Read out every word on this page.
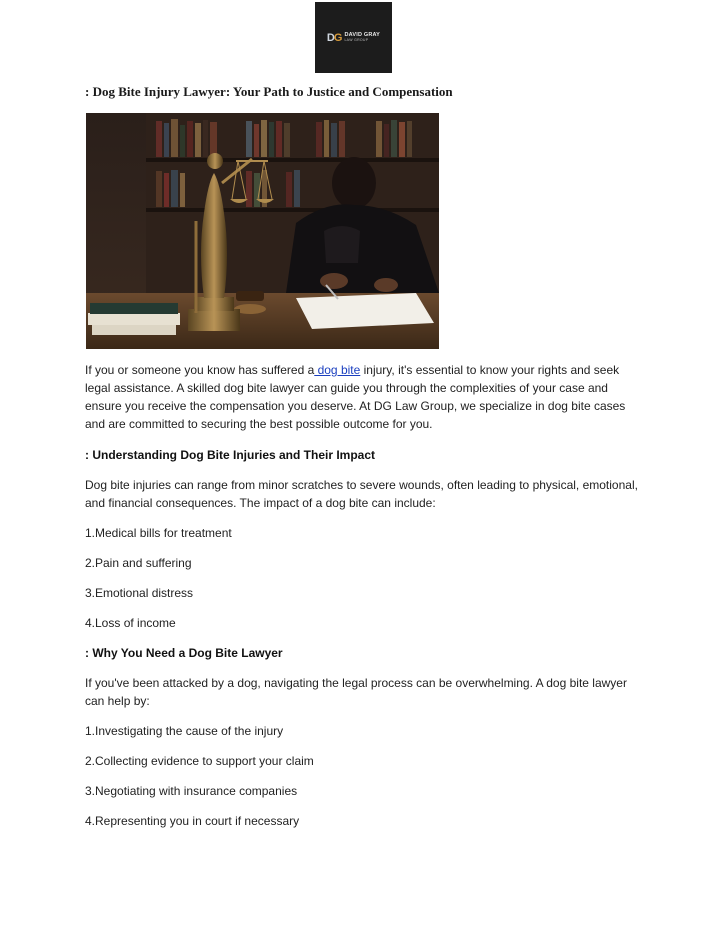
DG DAVID GRAY
LAW GROUP
: Dog Bite Injury Lawyer: Your Path to Justice and Compensation

If you or someone you know has suffered a dog bite injury, it's essential to know your rights and seek legal assistance. A skilled dog bite lawyer can guide you through the complexities of your case and ensure you receive the compensation you deserve. At DG Law Group, we specialize in dog bite cases and are committed to securing the best possible outcome for you.

: Understanding Dog Bite Injuries and Their Impact
Dog bite injuries can range from minor scratches to severe wounds, often leading to physical, emotional, and financial consequences. The impact of a dog bite can include:
1.Medical bills for treatment
2.Pain and suffering
3.Emotional distress
4.Loss of income
: Why You Need a Dog Bite Lawyer
If you've been attacked by a dog, navigating the legal process can be overwhelming. A dog bite lawyer can help by:
1.Investigating the cause of the injury
2.Collecting evidence to support your claim
3.Negotiating with insurance companies
4.Representing you in court if necessary
